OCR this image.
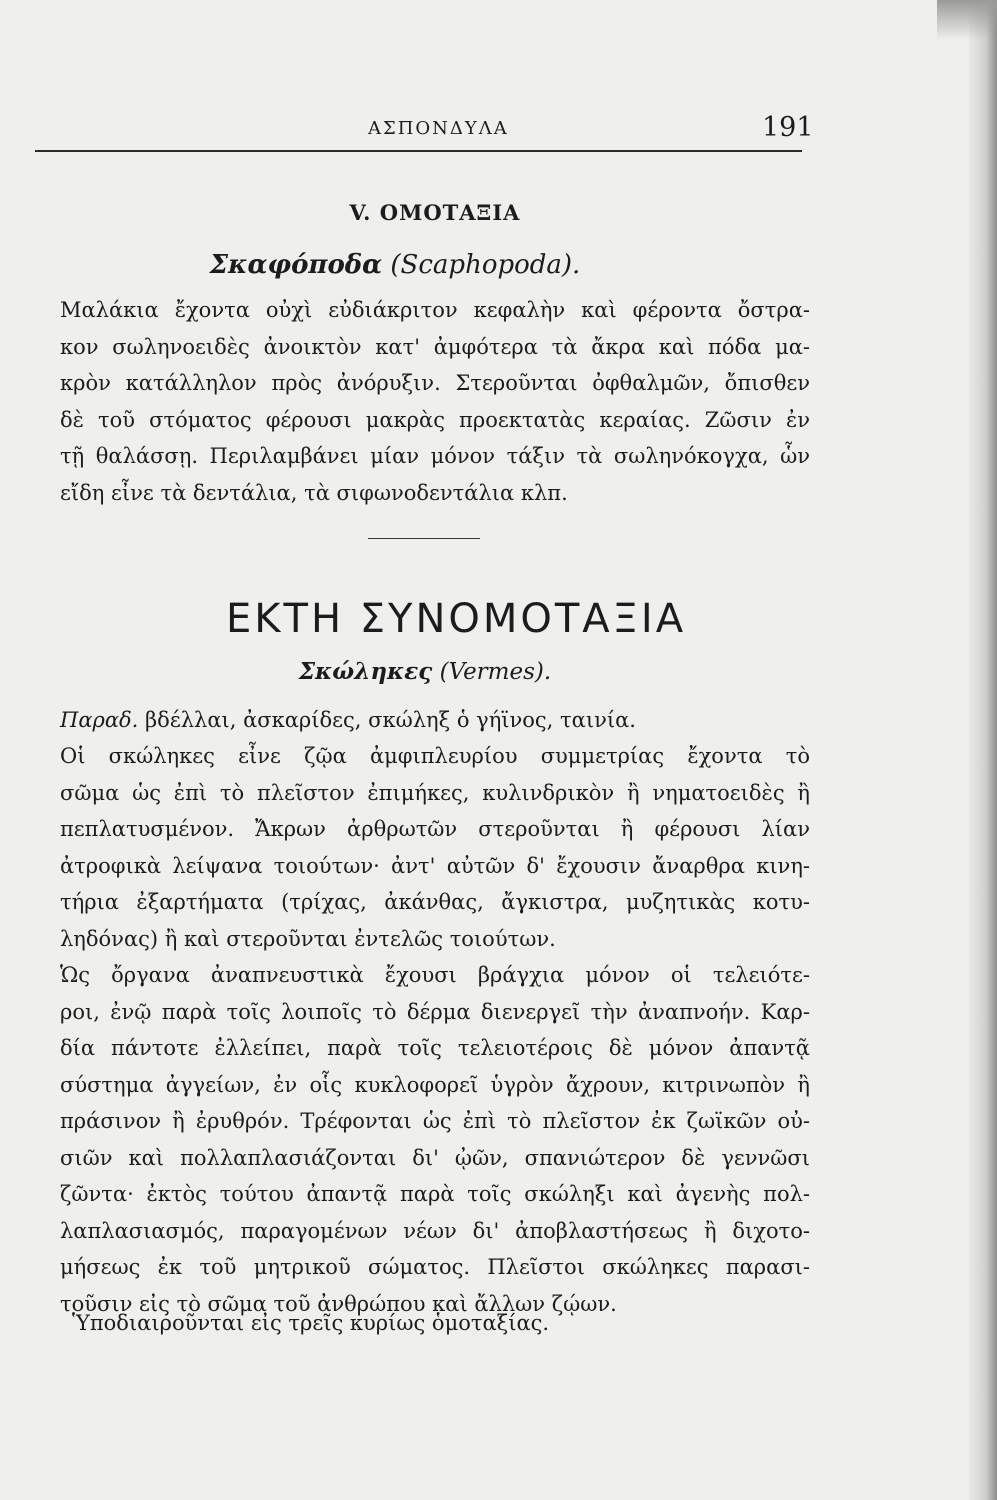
ΑΣΠΟΝΔΥΛΑ	191
V. ΟΜΟΤΑΞΙΑ
Σκαφόποδα (Scaphopoda).
Μαλάκια ἔχοντα οὐχὶ εὐδιάκριτον κεφαλὴν καὶ φέροντα ὄστρα-
κον σωληνοειδὲς ἀνοικτὸν κατ' ἀμφότερα τὰ ἄκρα καὶ πόδα μα-
κρὸν κατάλληλον πρὸς ἀνόρυξιν. Στεροῦνται ὀφθαλμῶν, ὄπισθεν
δὲ τοῦ στόματος φέρουσι μακρὰς προεκτατὰς κεραίας. Ζῶσιν ἐν
τῇ θαλάσσῃ. Περιλαμβάνει μίαν μόνον τάξιν τὰ σωληνόκογχα, ὧν
εἴδη εἶνε τὰ δεντάλια, τὰ σιφωνοδεντάλια κλπ.
ΕΚΤΗ ΣΥΝΟΜΟΤΑΞΙΑ
Σκώληκες (Vermes).
Παραδ. βδέλλαι, ἀσκαρίδες, σκώληξ ὁ γήϊνος, ταινία.
Οἱ σκώληκες εἶνε ζῷα ἀμφιπλευρίου συμμετρίας ἔχοντα τὸ
σῶμα ὡς ἐπὶ τὸ πλεῖστον ἐπιμήκες, κυλινδρικὸν ἢ νηματοειδὲς ἢ
πεπλατυσμένον. Ἄκρων ἀρθρωτῶν στεροῦνται ἢ φέρουσι λίαν
ἀτροφικὰ λείψανα τοιούτων· ἀντ' αὐτῶν δ' ἔχουσιν ἄναρθρα κινη-
τήρια ἐξαρτήματα (τρίχας, ἀκάνθας, ἄγκιστρα, μυζητικὰς κοτυ-
ληδόνας) ἢ καὶ στεροῦνται ἐντελῶς τοιούτων.
Ὡς ὄργανα ἀναπνευστικὰ ἔχουσι βράγχια μόνον οἱ τελειότε-
ροι, ἐνῷ παρὰ τοῖς λοιποῖς τὸ δέρμα διενεργεῖ τὴν ἀναπνοήν. Καρ-
δία πάντοτε ἐλλείπει, παρὰ τοῖς τελειοτέροις δὲ μόνον ἀπαντᾷ
σύστημα ἀγγείων, ἐν οἷς κυκλοφορεῖ ὑγρὸν ἄχρουν, κιτρινωπὸν ἢ
πράσινον ἢ ἐρυθρόν. Τρέφονται ὡς ἐπὶ τὸ πλεῖστον ἐκ ζωϊκῶν οὐ-
σιῶν καὶ πολλαπλασιάζονται δι' ᾠῶν, σπανιώτερον δὲ γεννῶσι
ζῶντα· ἐκτὸς τούτου ἀπαντᾷ παρὰ τοῖς σκώληξι καὶ ἀγενὴς πολ-
λαπλασιασμός, παραγομένων νέων δι' ἀποβλαστήσεως ἢ διχοτο-
μήσεως ἐκ τοῦ μητρικοῦ σώματος. Πλεῖστοι σκώληκες παρασι-
τοῦσιν εἰς τὸ σῶμα τοῦ ἀνθρώπου καὶ ἄλλων ζῴων.
Ὑποδιαιροῦνται εἰς τρεῖς κυρίως ὁμοταξίας.
